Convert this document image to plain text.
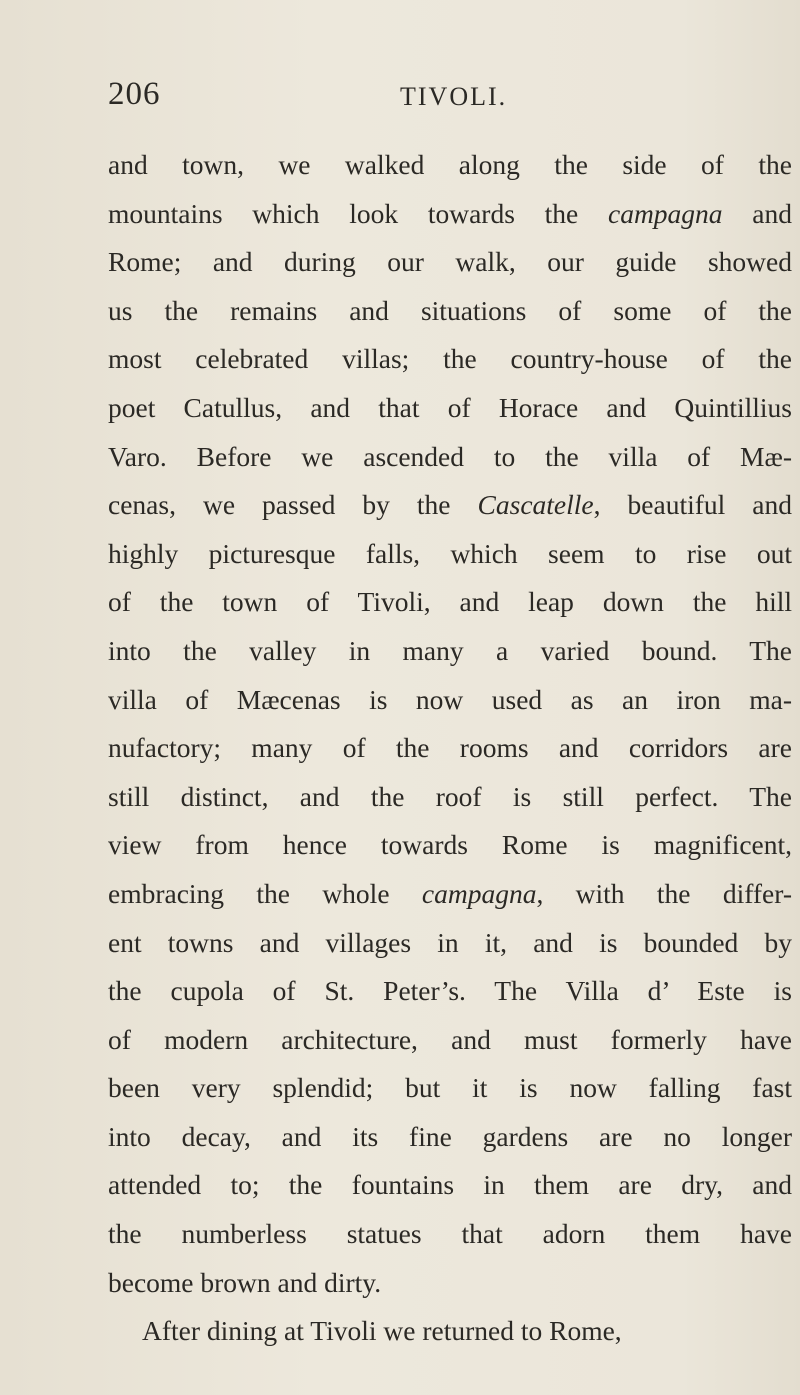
206	TIVOLI.
and town, we walked along the side of the
mountains which look towards the campagna and
Rome; and during our walk, our guide showed
us the remains and situations of some of the
most celebrated villas; the country-house of the
poet Catullus, and that of Horace and Quintillius
Varo. Before we ascended to the villa of Mæ-
cenas, we passed by the Cascatelle, beautiful and
highly picturesque falls, which seem to rise out
of the town of Tivoli, and leap down the hill
into the valley in many a varied bound. The
villa of Mæcenas is now used as an iron ma-
nufactory; many of the rooms and corridors are
still distinct, and the roof is still perfect. The
view from hence towards Rome is magnificent,
embracing the whole campagna, with the differ-
ent towns and villages in it, and is bounded by
the cupola of St. Peter’s. The Villa d’ Este is
of modern architecture, and must formerly have
been very splendid; but it is now falling fast
into decay, and its fine gardens are no longer
attended to; the fountains in them are dry, and
the numberless statues that adorn them have
become brown and dirty.
After dining at Tivoli we returned to Rome,
